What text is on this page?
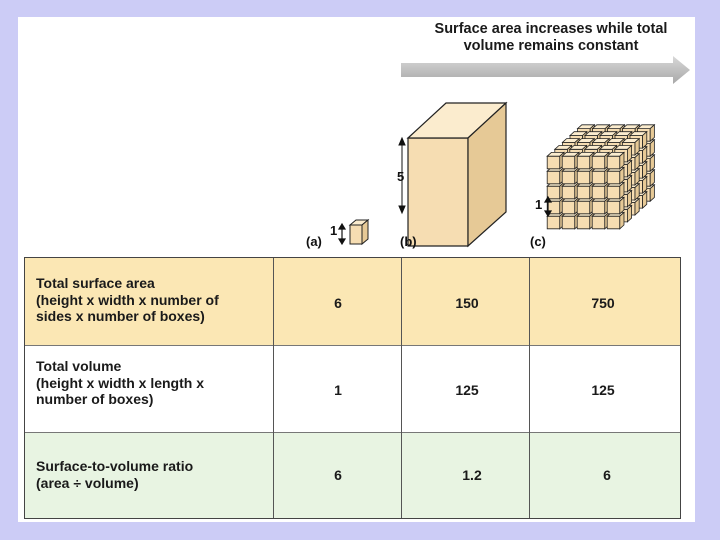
Surface area increases while total
volume remains constant
1
5
1
(a)	(b)	(c)
Total surface area
(height x width x number of
sides x number of boxes)
6	150	750
Total volume
(height x width x length x
number of boxes)
1	125	125
Surface-to-volume ratio
(area ÷ volume)	6	1.2	6
